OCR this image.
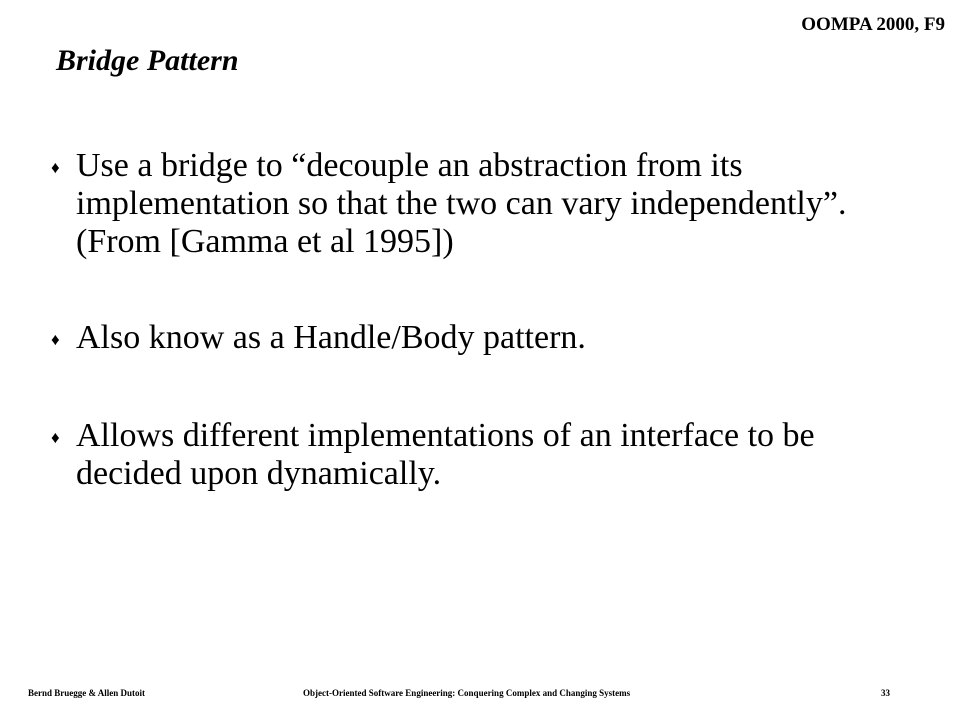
OOMPA 2000, F9
Bridge Pattern
♦ Use a bridge to “decouple an abstraction from its implementation so that the two can vary independently”. (From [Gamma et al 1995])
♦ Also know as a Handle/Body pattern.
♦ Allows different implementations of an interface to be decided upon dynamically.
Bernd Bruegge & Allen Dutoit	Object-Oriented Software Engineering: Conquering Complex and Changing Systems	33
